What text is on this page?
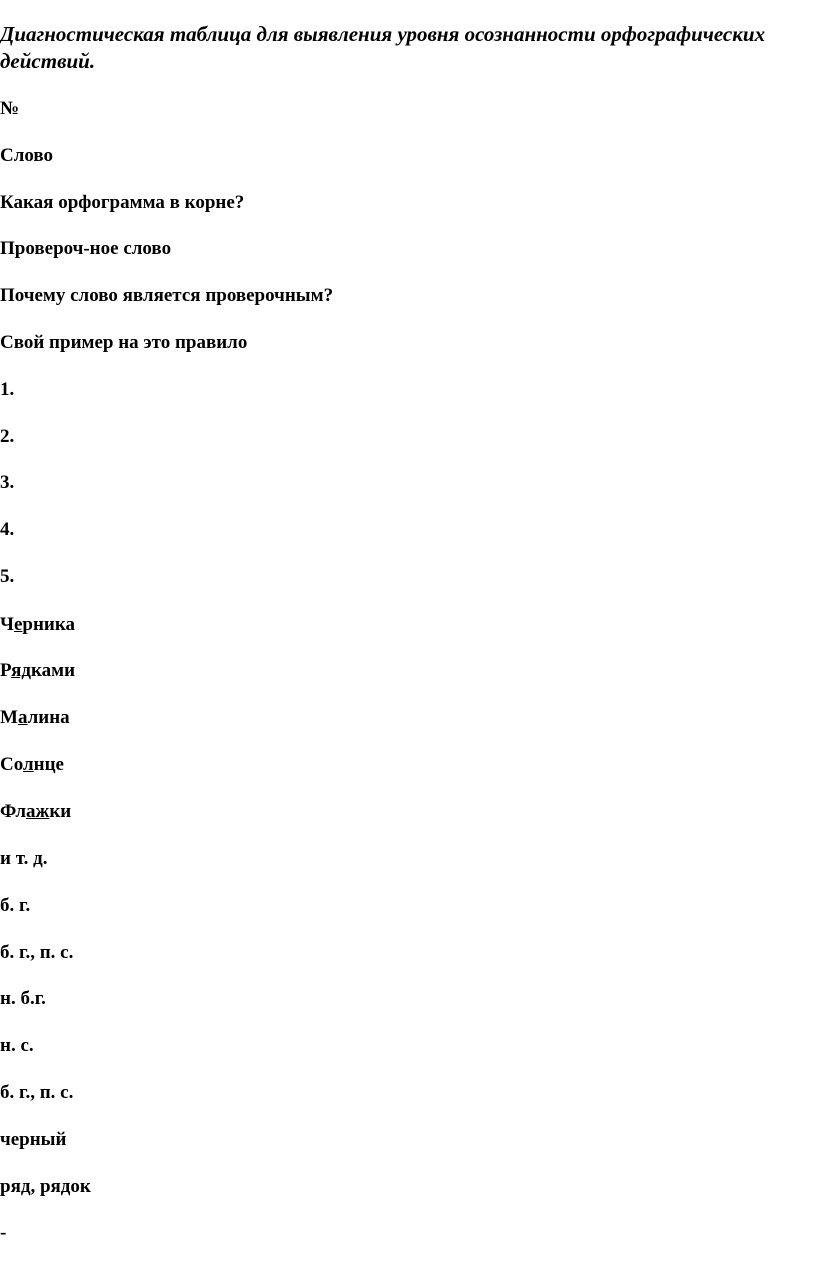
Диагностическая таблица для выявления уровня осознанности орфографических действий.

№

Слово

Какая орфограмма в корне?

Провероч-ное слово

Почему слово является проверочным?

Свой пример на это правило

1.

2.

3.

4.

5.

Черника

Рядками

Малина

Солнце

Флажки

и т. д.

б. г.

б. г., п. с.

н. б.г.

н. с.

б. г., п. с.

черный

ряд, рядок

-
